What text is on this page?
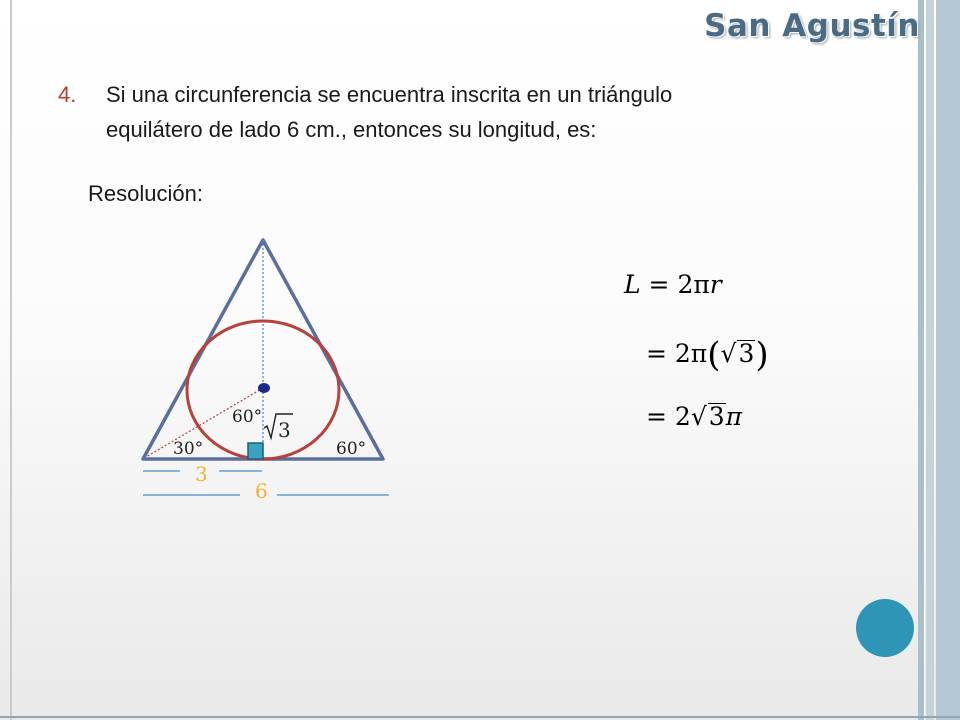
San Agustín
4. Si una circunferencia se encuentra inscrita en un triángulo
equilátero de lado 6 cm., entonces su longitud, es:
Resolución:
60°
30°	60°
3
3
6
L = 2πr
= 2π(√3)
= 2√3π
